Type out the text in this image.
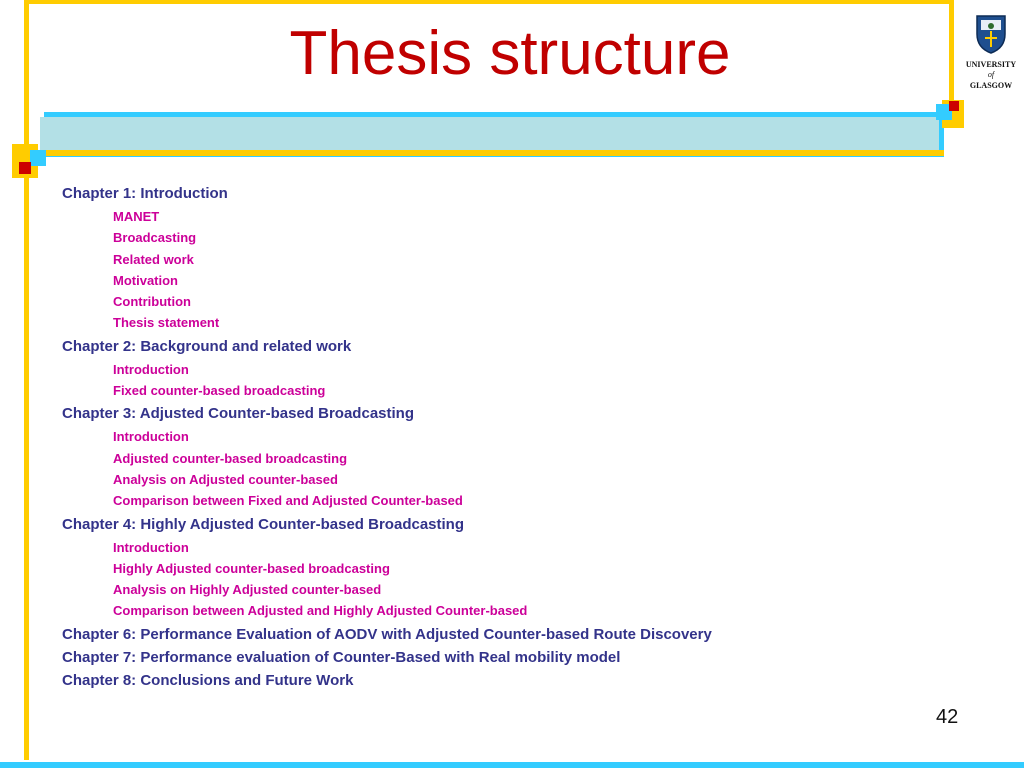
Thesis structure	UNIVERSITY
of
GLASGOW
Chapter 1: Introduction
MANET
Broadcasting
Related work
Motivation
Contribution
Thesis statement
Chapter 2: Background and related work
Introduction
Fixed counter-based broadcasting
Chapter 3: Adjusted Counter-based Broadcasting
Introduction
Adjusted counter-based broadcasting
Analysis on Adjusted counter-based
Comparison between Fixed and Adjusted Counter-based
Chapter 4: Highly Adjusted Counter-based Broadcasting
Introduction
Highly Adjusted counter-based broadcasting
Analysis on Highly Adjusted counter-based
Comparison between Adjusted and Highly Adjusted Counter-based
Chapter 6: Performance Evaluation of AODV with Adjusted Counter-based Route Discovery
Chapter 7: Performance evaluation of Counter-Based with Real mobility model
Chapter 8: Conclusions and Future Work
42
